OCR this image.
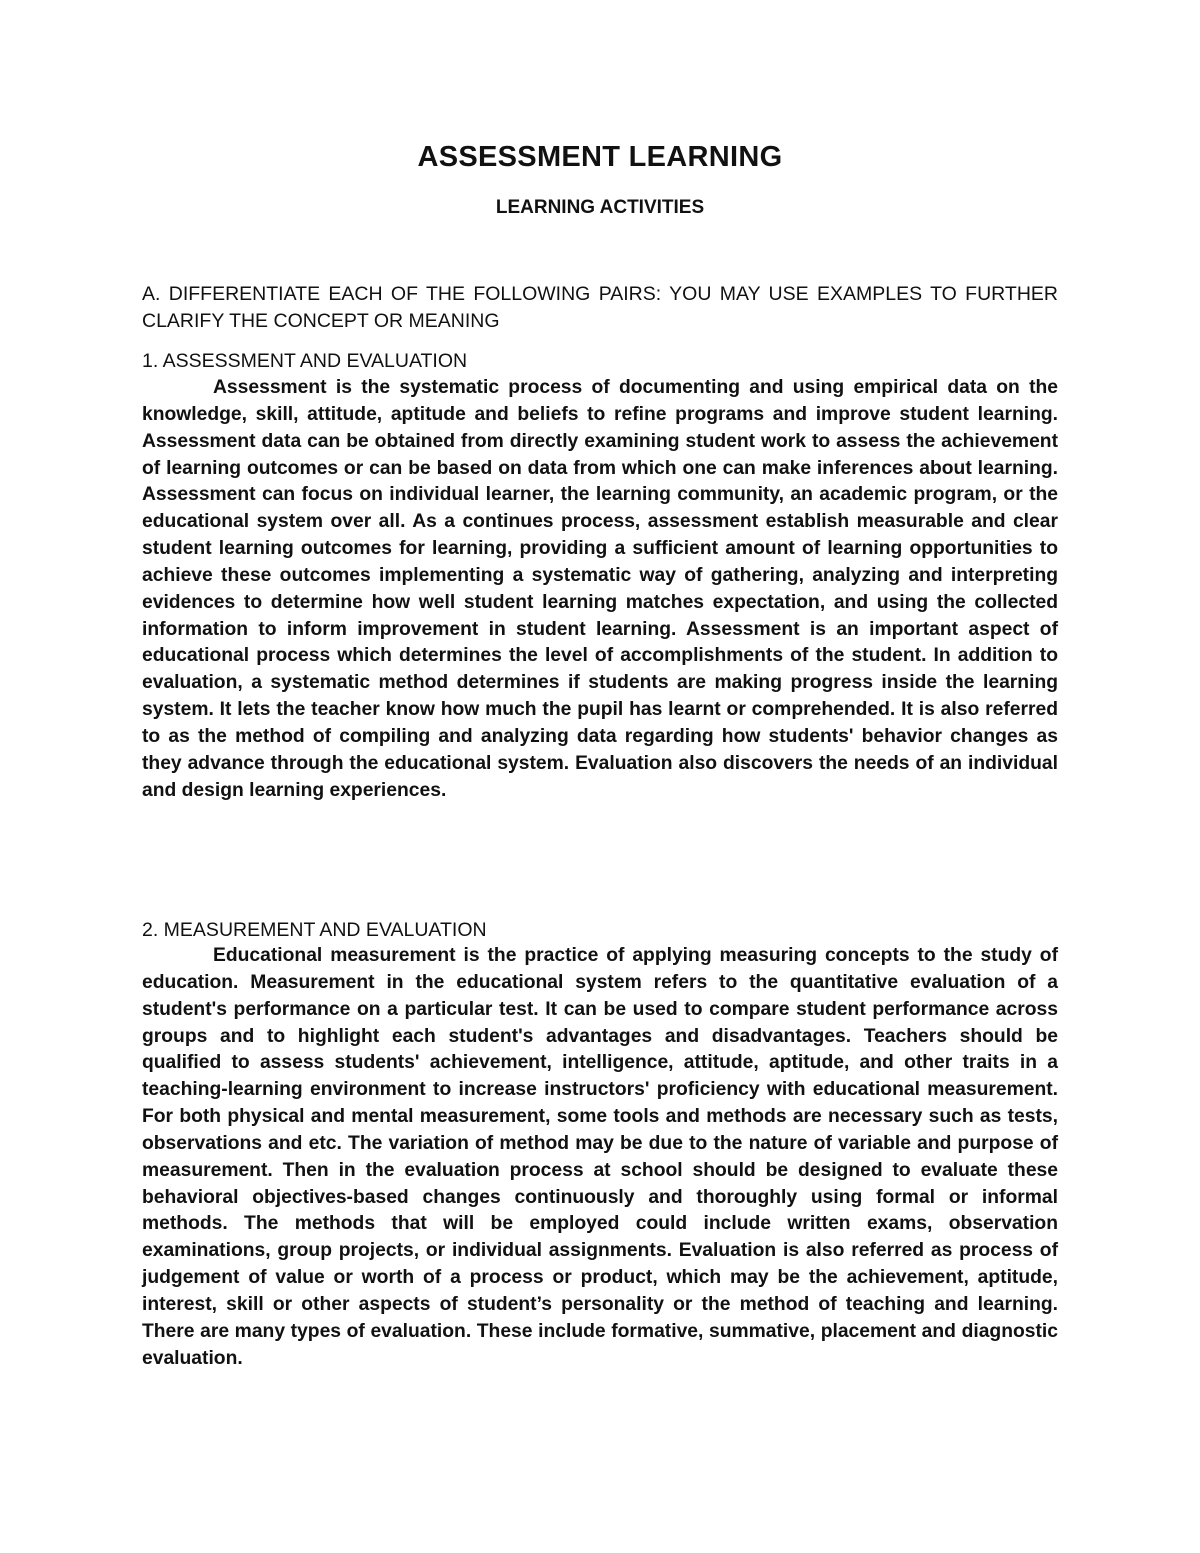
ASSESSMENT LEARNING
LEARNING ACTIVITIES
A. DIFFERENTIATE EACH OF THE FOLLOWING PAIRS: YOU MAY USE EXAMPLES TO FURTHER CLARIFY THE CONCEPT OR MEANING
1. ASSESSMENT AND EVALUATION

Assessment is the systematic process of documenting and using empirical data on the knowledge, skill, attitude, aptitude and beliefs to refine programs and improve student learning. Assessment data can be obtained from directly examining student work to assess the achievement of learning outcomes or can be based on data from which one can make inferences about learning. Assessment can focus on individual learner, the learning community, an academic program, or the educational system over all. As a continues process, assessment establish measurable and clear student learning outcomes for learning, providing a sufficient amount of learning opportunities to achieve these outcomes implementing a systematic way of gathering, analyzing and interpreting evidences to determine how well student learning matches expectation, and using the collected information to inform improvement in student learning. Assessment is an important aspect of educational process which determines the level of accomplishments of the student. In addition to evaluation, a systematic method determines if students are making progress inside the learning system. It lets the teacher know how much the pupil has learnt or comprehended. It is also referred to as the method of compiling and analyzing data regarding how students' behavior changes as they advance through the educational system. Evaluation also discovers the needs of an individual and design learning experiences.

2. MEASUREMENT AND EVALUATION

Educational measurement is the practice of applying measuring concepts to the study of education. Measurement in the educational system refers to the quantitative evaluation of a student's performance on a particular test. It can be used to compare student performance across groups and to highlight each student's advantages and disadvantages. Teachers should be qualified to assess students' achievement, intelligence, attitude, aptitude, and other traits in a teaching-learning environment to increase instructors' proficiency with educational measurement. For both physical and mental measurement, some tools and methods are necessary such as tests, observations and etc. The variation of method may be due to the nature of variable and purpose of measurement. Then in the evaluation process at school should be designed to evaluate these behavioral objectives-based changes continuously and thoroughly using formal or informal methods. The methods that will be employed could include written exams, observation examinations, group projects, or individual assignments. Evaluation is also referred as process of judgement of value or worth of a process or product, which may be the achievement, aptitude, interest, skill or other aspects of student’s personality or the method of teaching and learning. There are many types of evaluation. These include formative, summative, placement and diagnostic evaluation.
